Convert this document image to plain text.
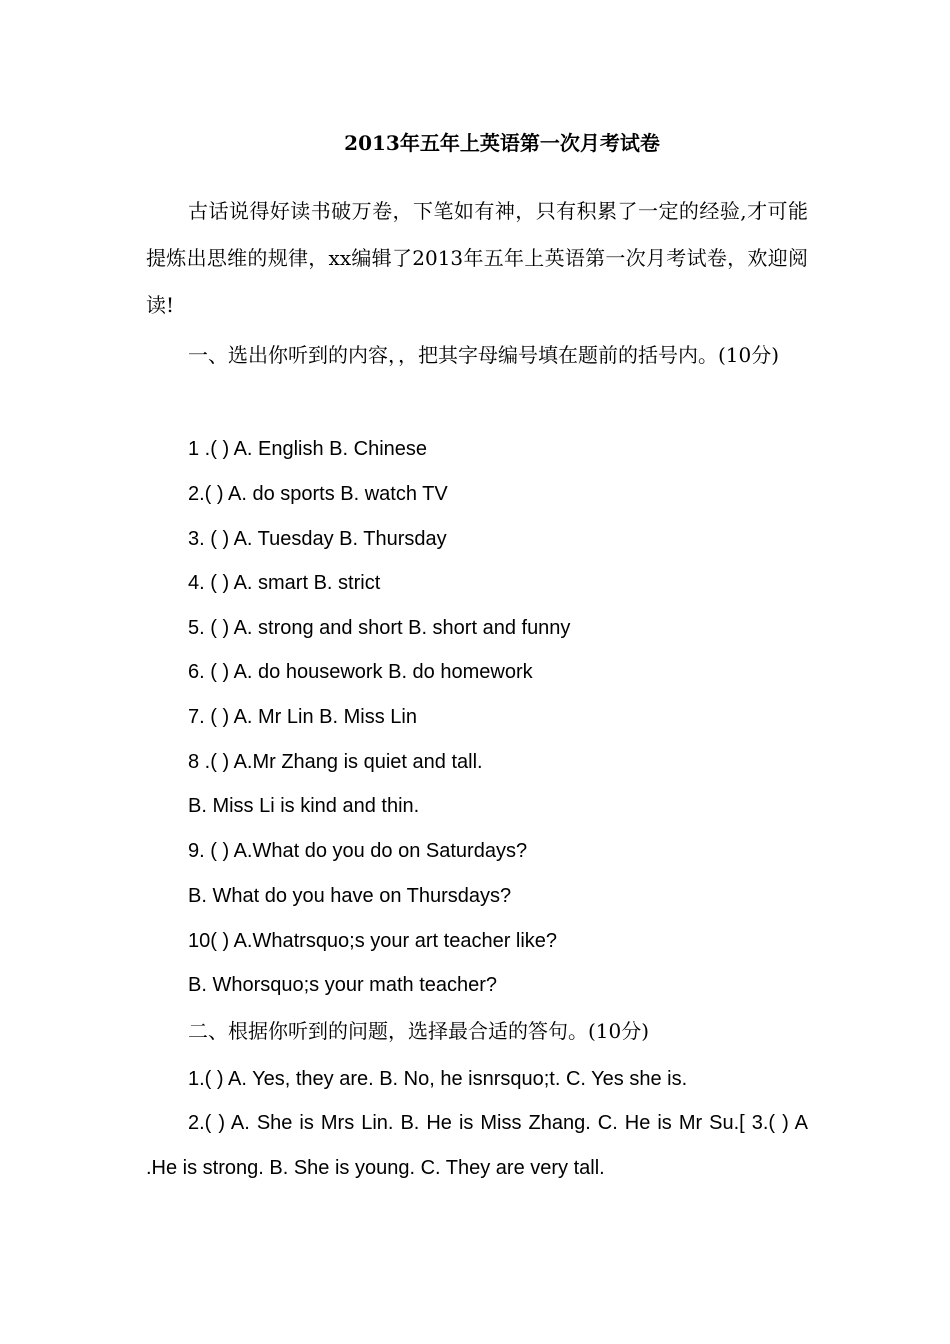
2013年五年上英语第一次月考试卷
古话说得好读书破万卷，下笔如有神，只有积累了一定的经验,才可能提炼出思维的规律，xx编辑了2013年五年上英语第一次月考试卷，欢迎阅读!
一、选出你听到的内容，，把其字母编号填在题前的括号内。(10分)
1 .( ) A. English B. Chinese
2.( ) A. do sports B. watch TV
3. ( ) A. Tuesday B. Thursday
4. ( ) A. smart B. strict
5. ( ) A. strong and short B. short and funny
6. ( ) A. do housework B. do homework
7. ( ) A. Mr Lin B. Miss Lin
8 .( ) A.Mr Zhang is quiet and tall.
B. Miss Li is kind and thin.
9. ( ) A.What do you do on Saturdays?
B. What do you have on Thursdays?
10( ) A.Whatrsquo;s your art teacher like?
B. Whorsquo;s your math teacher?
二、根据你听到的问题，选择最合适的答句。(10分)
1.( ) A. Yes, they are. B. No, he isnrsquo;t. C. Yes she is.
2.( ) A. She is Mrs Lin. B. He is Miss Zhang. C. He is Mr Su.[ 3.( ) A .He is strong. B. She is young. C. They are very tall.
